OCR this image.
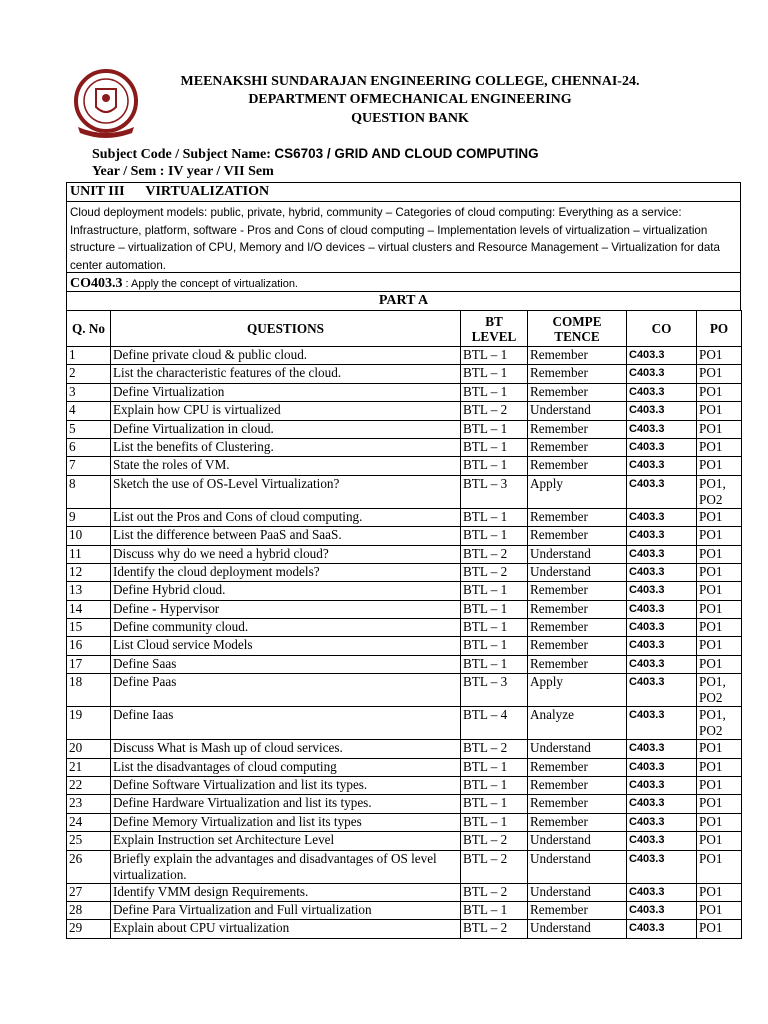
MEENAKSHI SUNDARAJAN ENGINEERING COLLEGE, CHENNAI-24.
DEPARTMENT OFMECHANICAL ENGINEERING
QUESTION BANK
Subject Code / Subject Name: CS6703 / GRID AND CLOUD COMPUTING
Year / Sem : IV year / VII Sem
UNIT III VIRTUALIZATION
Cloud deployment models: public, private, hybrid, community – Categories of cloud computing: Everything as a service: Infrastructure, platform, software - Pros and Cons of cloud computing – Implementation levels of virtualization – virtualization structure – virtualization of CPU, Memory and I/O devices – virtual clusters and Resource Management – Virtualization for data center automation.
CO403.3 : Apply the concept of virtualization.
PART A
Q. No	QUESTIONS	BT LEVEL	COMPE TENCE	CO	PO
1	Define private cloud & public cloud.	BTL – 1	Remember	C403.3	PO1
2	List the characteristic features of the cloud.	BTL – 1	Remember	C403.3	PO1
3	Define Virtualization	BTL – 1	Remember	C403.3	PO1
4	Explain how CPU is virtualized	BTL – 2	Understand	C403.3	PO1
5	Define Virtualization in cloud.	BTL – 1	Remember	C403.3	PO1
6	List the benefits of Clustering.	BTL – 1	Remember	C403.3	PO1
7	State the roles of VM.	BTL – 1	Remember	C403.3	PO1
8	Sketch the use of OS-Level Virtualization?	BTL – 3	Apply	C403.3	PO1, PO2
9	List out the Pros and Cons of cloud computing.	BTL – 1	Remember	C403.3	PO1
10	List the difference between PaaS and SaaS.	BTL – 1	Remember	C403.3	PO1
11	Discuss why do we need a hybrid cloud?	BTL – 2	Understand	C403.3	PO1
12	Identify the cloud deployment models?	BTL – 2	Understand	C403.3	PO1
13	Define Hybrid cloud.	BTL – 1	Remember	C403.3	PO1
14	Define - Hypervisor	BTL – 1	Remember	C403.3	PO1
15	Define community cloud.	BTL – 1	Remember	C403.3	PO1
16	List Cloud service Models	BTL – 1	Remember	C403.3	PO1
17	Define Saas	BTL – 1	Remember	C403.3	PO1
18	Define Paas	BTL – 3	Apply	C403.3	PO1, PO2
19	Define Iaas	BTL – 4	Analyze	C403.3	PO1, PO2
20	Discuss What is Mash up of cloud services.	BTL – 2	Understand	C403.3	PO1
21	List the disadvantages of cloud computing	BTL – 1	Remember	C403.3	PO1
22	Define Software Virtualization and list its types.	BTL – 1	Remember	C403.3	PO1
23	Define Hardware Virtualization and list its types.	BTL – 1	Remember	C403.3	PO1
24	Define Memory Virtualization and list its types	BTL – 1	Remember	C403.3	PO1
25	Explain Instruction set Architecture Level	BTL – 2	Understand	C403.3	PO1
26	Briefly explain the advantages and disadvantages of OS level virtualization.	BTL – 2	Understand	C403.3	PO1
27	Identify VMM design Requirements.	BTL – 2	Understand	C403.3	PO1
28	Define Para Virtualization and Full virtualization	BTL – 1	Remember	C403.3	PO1
29	Explain about CPU virtualization	BTL – 2	Understand	C403.3	PO1
